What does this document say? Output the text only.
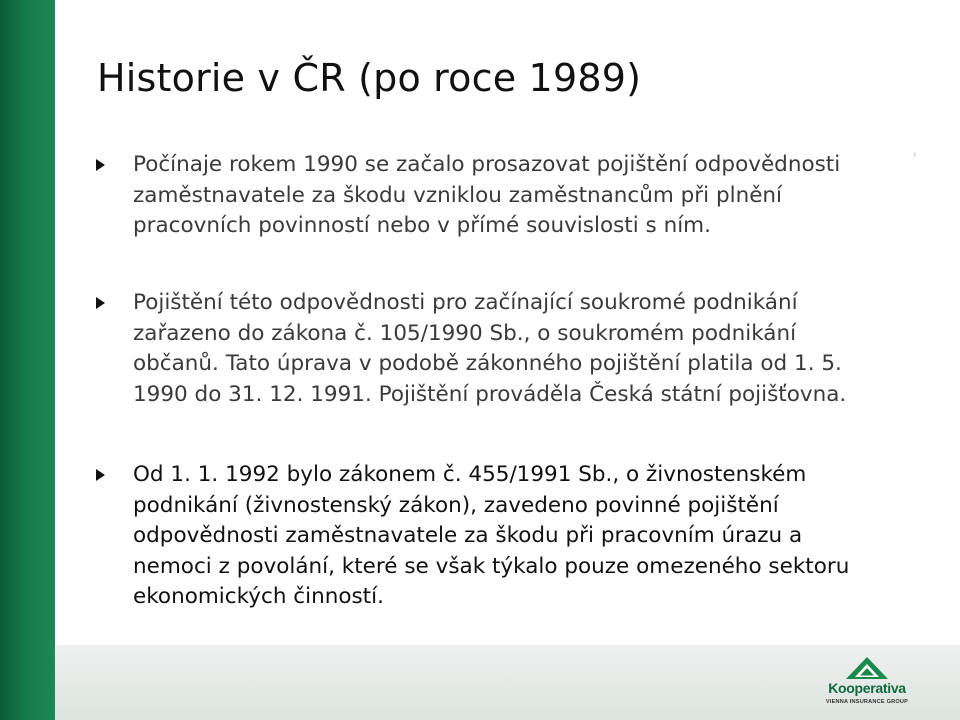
Historie v ČR (po roce 1989)
Počínaje rokem 1990 se začalo prosazovat pojištění odpovědnosti
zaměstnavatele za škodu vzniklou zaměstnancům při plnění
pracovních povinností nebo v přímé souvislosti s ním.
Pojištění této odpovědnosti pro začínající soukromé podnikání
zařazeno do zákona č. 105/1990 Sb., o soukromém podnikání
občanů. Tato úprava v podobě zákonného pojištění platila od 1. 5.
1990 do 31. 12. 1991. Pojištění prováděla Česká státní pojišťovna.
Od 1. 1. 1992 bylo zákonem č. 455/1991 Sb., o živnostenském
podnikání (živnostenský zákon), zavedeno povinné pojištění
odpovědnosti zaměstnavatele za škodu při pracovním úrazu a
nemoci z povolání, které se však týkalo pouze omezeného sektoru
ekonomických činností.
ⁱ
Kooperativa
VIENNA INSURANCE GROUP
